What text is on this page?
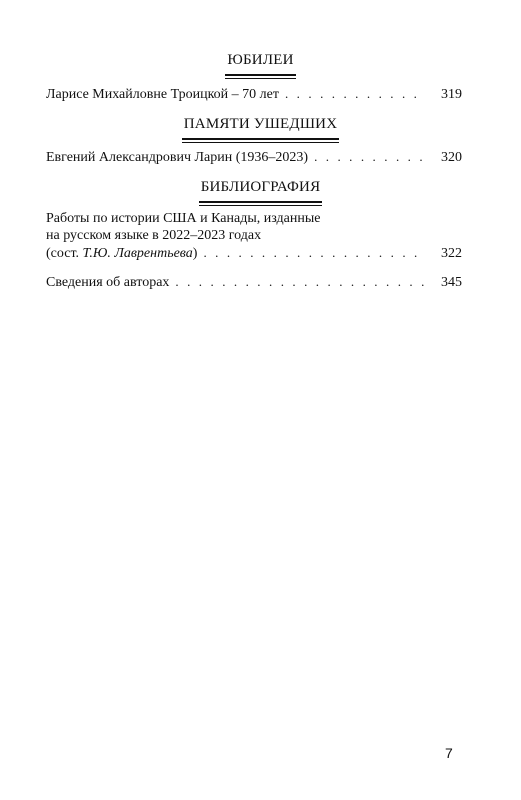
ЮБИЛЕИ
Ларисе Михайловне Троицкой – 70 лет . . .	319
ПАМЯТИ УШЕДШИХ
Евгений Александрович Ларин (1936–2023) . . .	320
БИБЛИОГРАФИЯ
Работы по истории США и Канады, изданные
на русском языке в 2022–2023 годах
(сост. Т.Ю. Лаврентьева) . . .	322
Сведения об авторах . . .	345
7
